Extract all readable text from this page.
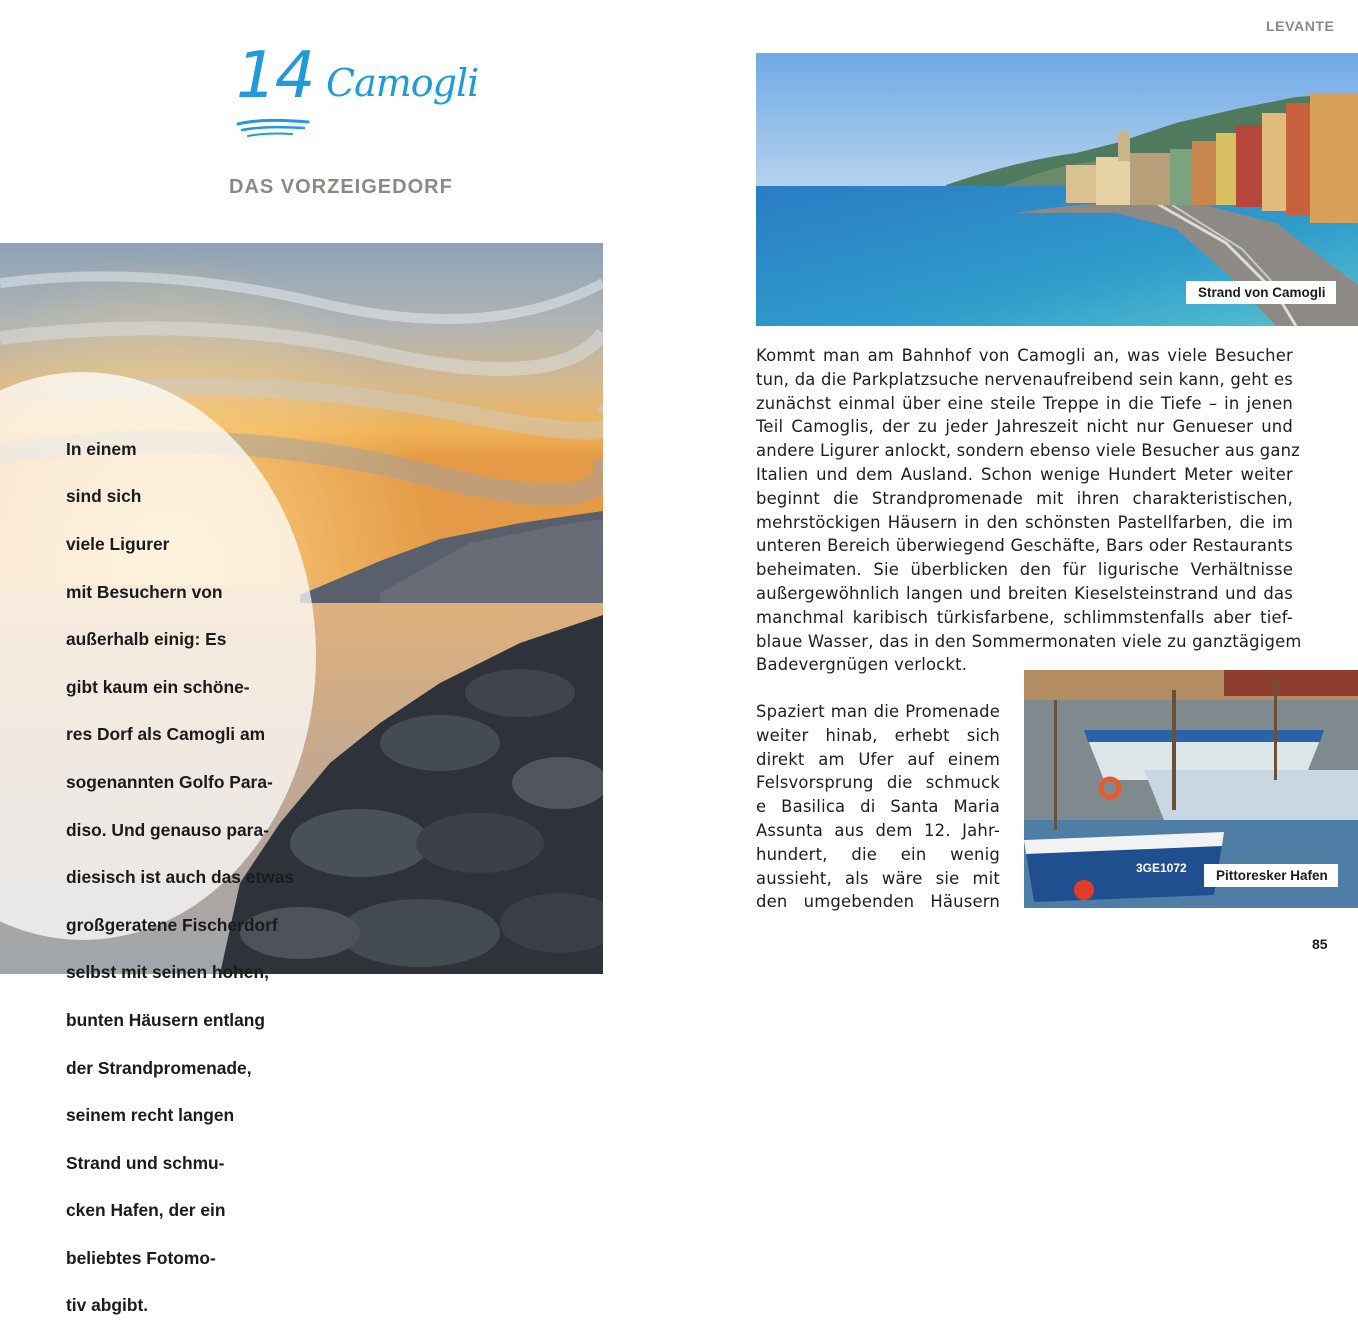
14 Camogli
DAS VORZEIGEDORF

In einem

sind sich

viele Ligurer

mit Besuchern von

außerhalb einig: Es

gibt kaum ein schöne-

res Dorf als Camogli am

sogenannten Golfo Para-

diso. Und genauso para-

diesisch ist auch das etwas

großgeratene Fischerdorf

selbst mit seinen hohen,

bunten Häusern entlang

der Strandpromenade,

seinem recht langen

Strand und schmu-

cken Hafen, der ein

beliebtes Fotomo-

tiv abgibt.

LEVANTE
Strand von Camogli
Kommt man am Bahnhof von Camogli an, was viele Besucher
tun, da die Parkplatzsuche nervenaufreibend sein kann, geht es
zunächst einmal über eine steile Treppe in die Tiefe – in jenen
Teil Camoglis, der zu jeder Jahreszeit nicht nur Genueser und
andere Ligurer anlockt, sondern ebenso viele Besucher aus ganz
Italien und dem Ausland. Schon wenige Hundert Meter weiter
beginnt die Strandpromenade mit ihren charakteristischen,
mehrstöckigen Häusern in den schönsten Pastellfarben, die im
unteren Bereich überwiegend Geschäfte, Bars oder Restaurants
beheimaten. Sie überblicken den für ligurische Verhältnisse
außergewöhnlich langen und breiten Kieselsteinstrand und das
manchmal karibisch türkisfarbene, schlimmstenfalls aber tief-
blaue Wasser, das in den Sommermonaten viele zu ganztägigem
Badevergnügen verlockt.
Spaziert man die Promenade
weiter hinab, erhebt sich
direkt am Ufer auf einem
Felsvorsprung die schmuck
e Basilica di Santa Maria
Assunta aus dem 12. Jahr-
hundert, die ein wenig
aussieht, als wäre sie mit
den umgebenden Häusern
3GE1072	Pittoresker Hafen
85
